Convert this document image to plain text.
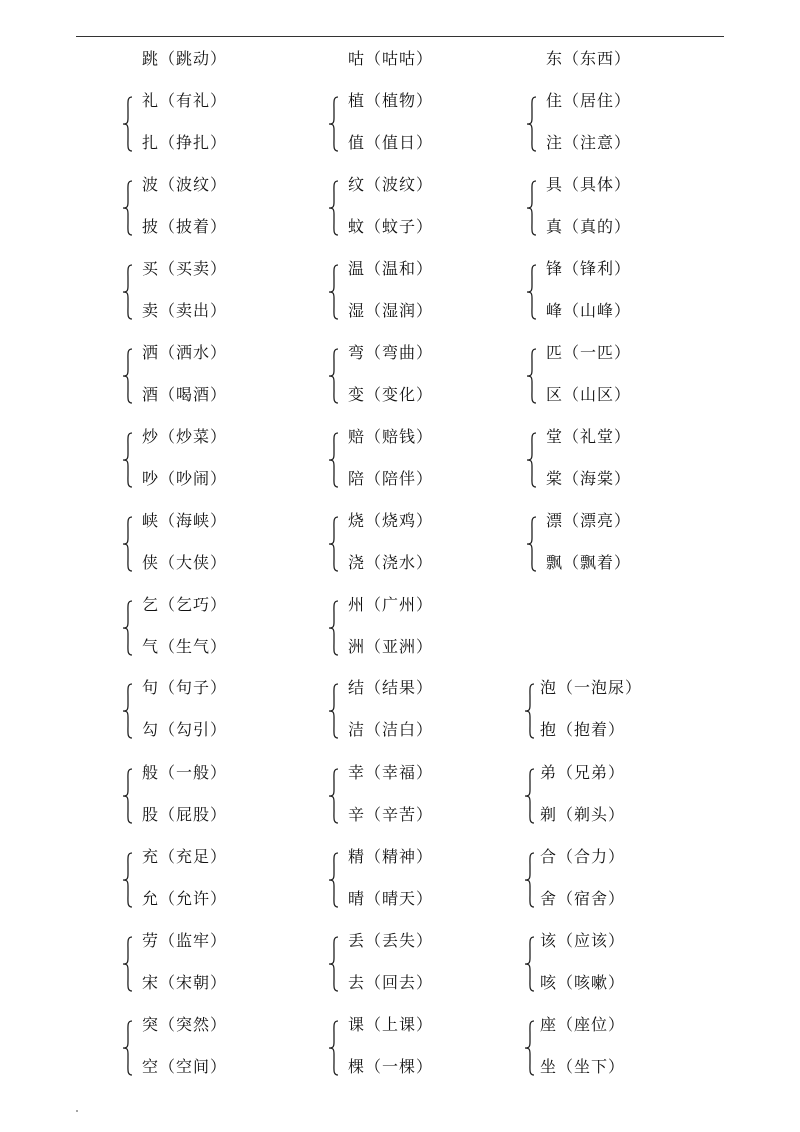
跳（跳动）	咕（咕咕）	东（东西）
礼（有礼）
扎（挣扎）
植（植物）
值（值日）
住（居住）
注（注意）
波（波纹）
披（披着）
纹（波纹）
蚊（蚊子）
具（具体）
真（真的）
买（买卖）
卖（卖出）
温（温和）
湿（湿润）
锋（锋利）
峰（山峰）
洒（洒水）
酒（喝酒）
弯（弯曲）
变（变化）
匹（一匹）
区（山区）
炒（炒菜）
吵（吵闹）
赔（赔钱）
陪（陪伴）
堂（礼堂）
棠（海棠）
峡（海峡）
侠（大侠）
烧（烧鸡）
浇（浇水）
漂（漂亮）
飘（飘着）
乞（乞巧）
气（生气）
州（广州）
洲（亚洲）
句（句子）
勾（勾引）
结（结果）
洁（洁白）
泡（一泡尿）
抱（抱着）
般（一般）
股（屁股）
幸（幸福）
辛（辛苦）
弟（兄弟）
剃（剃头）
充（充足）
允（允许）
精（精神）
晴（晴天）
合（合力）
舍（宿舍）
劳（监牢）
宋（宋朝）
丢（丢失）
去（回去）
该（应该）
咳（咳嗽）
突（突然）
空（空间）
课（上课）
棵（一棵）
座（座位）
坐（坐下）
